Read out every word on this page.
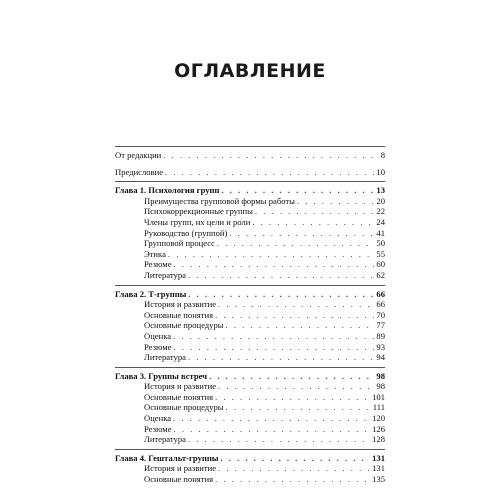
ОГЛАВЛЕНИЕ
От редакции . . .	8
Предисловие . . .	10
Глава 1. Психология групп . . .	13
Преимущества групповой формы работы . . .	20
Психокоррекционные группы . . .	22
Члены групп, их цели и роли . . .	24
Руководство (группой) . . .	41
Групповой процесс . . .	50
Этика . . .	55
Резюме . . .	60
Литература . . .	62
Глава 2. Т-группы . . .	66
История и развитие . . .	66
Основные понятия . . .	70
Основные процедуры . . .	77
Оценка . . .	89
Резюме . . .	93
Литература . . .	94
Глава 3. Группы встреч . . .	98
История и развитие . . .	98
Основные понятия . . .	101
Основные процедуры . . .	111
Оценка . . .	120
Резюме . . .	126
Литература . . .	128
Глава 4. Гештальт-группы . . .	131
История и развитие . . .	131
Основные понятия . . .	135
